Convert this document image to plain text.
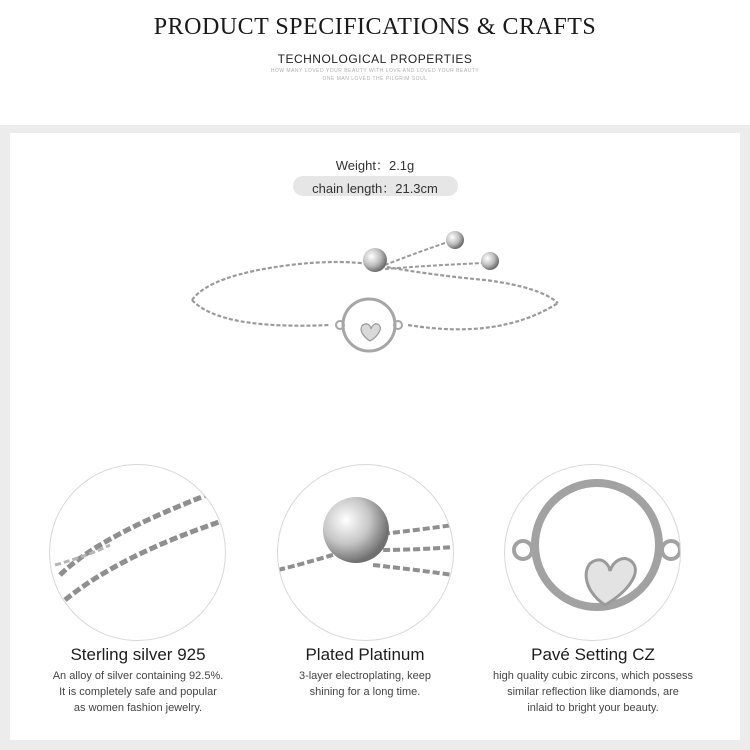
PRODUCT SPECIFICATIONS & CRAFTS
TECHNOLOGICAL PROPERTIES
HOW MANY LOVED YOUR BEAUTY WITH LOVE AND LOVED YOUR BEAUTY
ONE MAN LOVED THE PILGRIM SOUL
Weight：2.1g
chain length：21.3cm
Sterling silver 925
An alloy of silver containing 92.5%.
It is completely safe and popular
as women fashion jewelry.
Plated Platinum
3-layer electroplating, keep
shining for a long time.
Pavé Setting CZ
high quality cubic zircons, which possess
similar reflection like diamonds, are
inlaid to bright your beauty.
